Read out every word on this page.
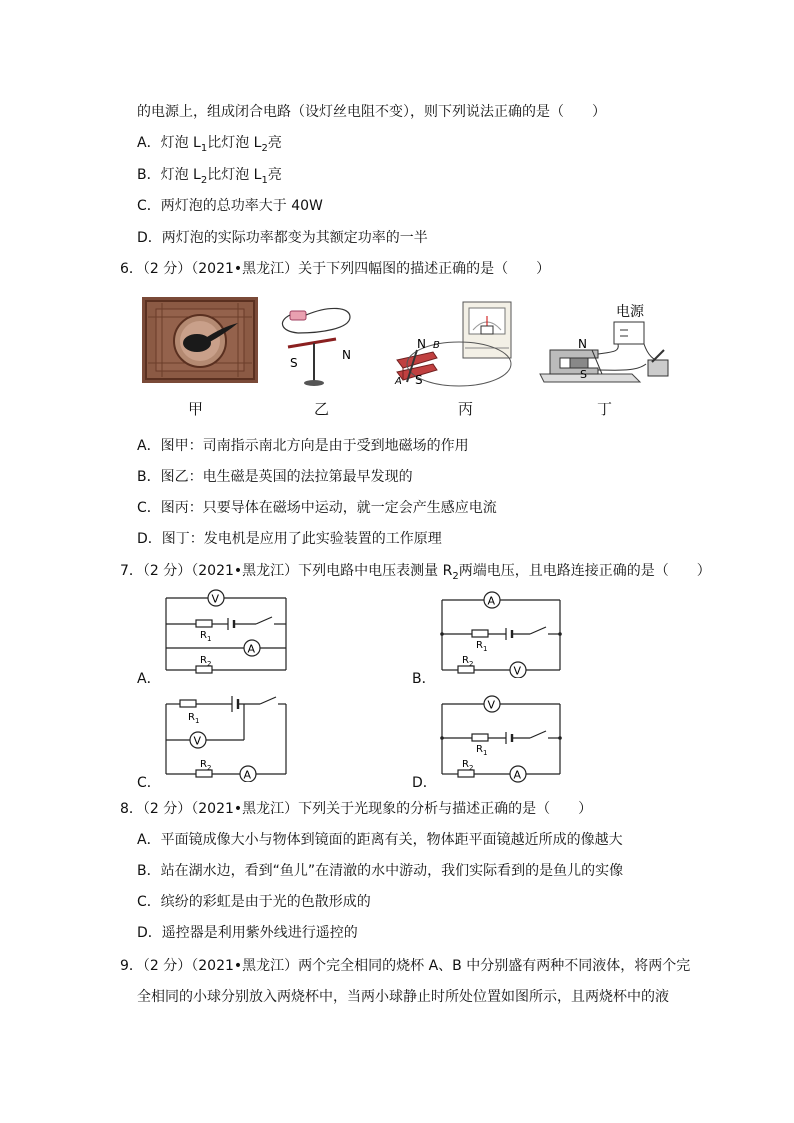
的电源上，组成闭合电路（设灯丝电阻不变），则下列说法正确的是（　　）
A．灯泡 $L_1$比灯泡 $L_2$亮
B．灯泡 $L_2$比灯泡 $L_1$亮
C．两灯泡的总功率大于 40W
D．两灯泡的实际功率都变为其额定功率的一半
6．（2 分）（2021•黑龙江）关于下列四幅图的描述正确的是（　　）
S
N
N B
A S
电源
N
S
甲	乙	丙	丁
A．图甲：司南指示南北方向是由于受到地磁场的作用
B．图乙：电生磁是英国的法拉第最早发现的
C．图丙：只要导体在磁场中运动，就一定会产生感应电流
D．图丁：发电机是应用了此实验装置的工作原理
7．（2 分）（2021•黑龙江）下列电路中电压表测量 $R_2$两端电压，且电路连接正确的是（　　）
V
A
$R_1$
$R_2$
A．
A
V
$R_1$
$R_2$
B．
V
A
$R_1$
$R_2$
C．
V
A
$R_1$
$R_2$
D．
8．（2 分）（2021•黑龙江）下列关于光现象的分析与描述正确的是（　　）
A．平面镜成像大小与物体到镜面的距离有关，物体距平面镜越近所成的像越大
B．站在湖水边，看到“鱼儿”在清澈的水中游动，我们实际看到的是鱼儿的实像
C．缤纷的彩虹是由于光的色散形成的
D．遥控器是利用紫外线进行遥控的
9．（2 分）（2021•黑龙江）两个完全相同的烧杯 A、B 中分别盛有两种不同液体，将两个完
全相同的小球分别放入两烧杯中，当两小球静止时所处位置如图所示，且两烧杯中的液
